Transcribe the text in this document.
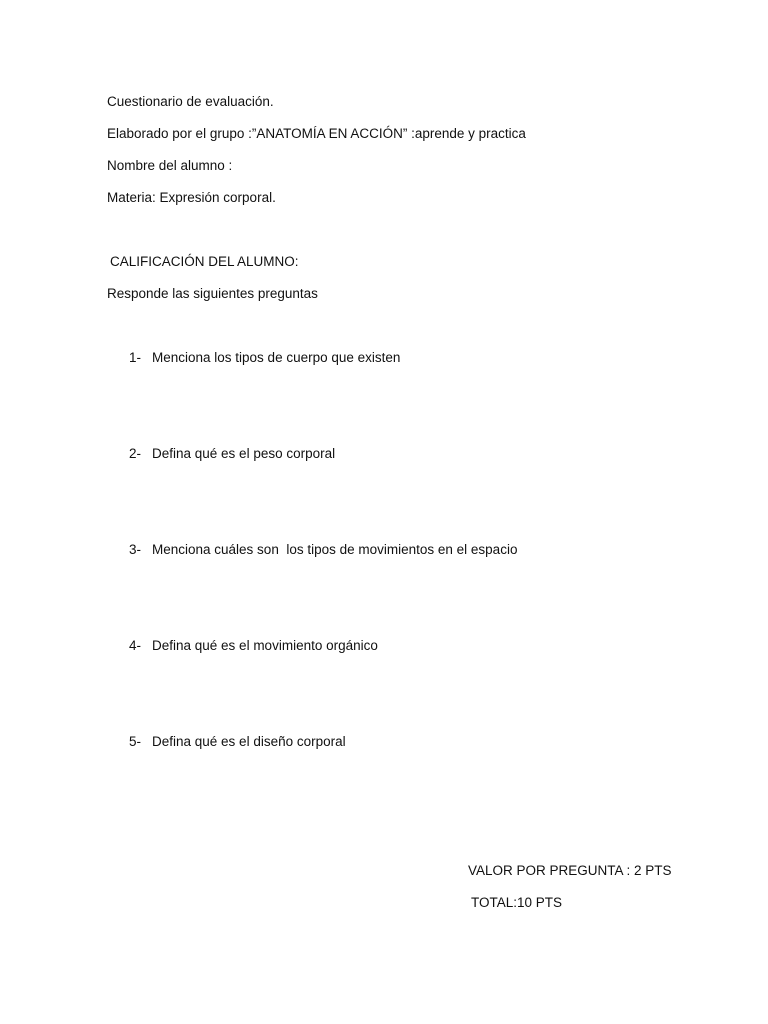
Cuestionario de evaluación.
Elaborado por el grupo :”ANATOMÍA EN ACCIÓN” :aprende y practica
Nombre del alumno :
Materia: Expresión corporal.
CALIFICACIÓN DEL ALUMNO:
Responde las siguientes preguntas
1- Menciona los tipos de cuerpo que existen
2- Defina qué es el peso corporal
3- Menciona cuáles son  los tipos de movimientos en el espacio
4- Defina qué es el movimiento orgánico
5- Defina qué es el diseño corporal
VALOR POR PREGUNTA : 2 PTS
TOTAL:10 PTS
